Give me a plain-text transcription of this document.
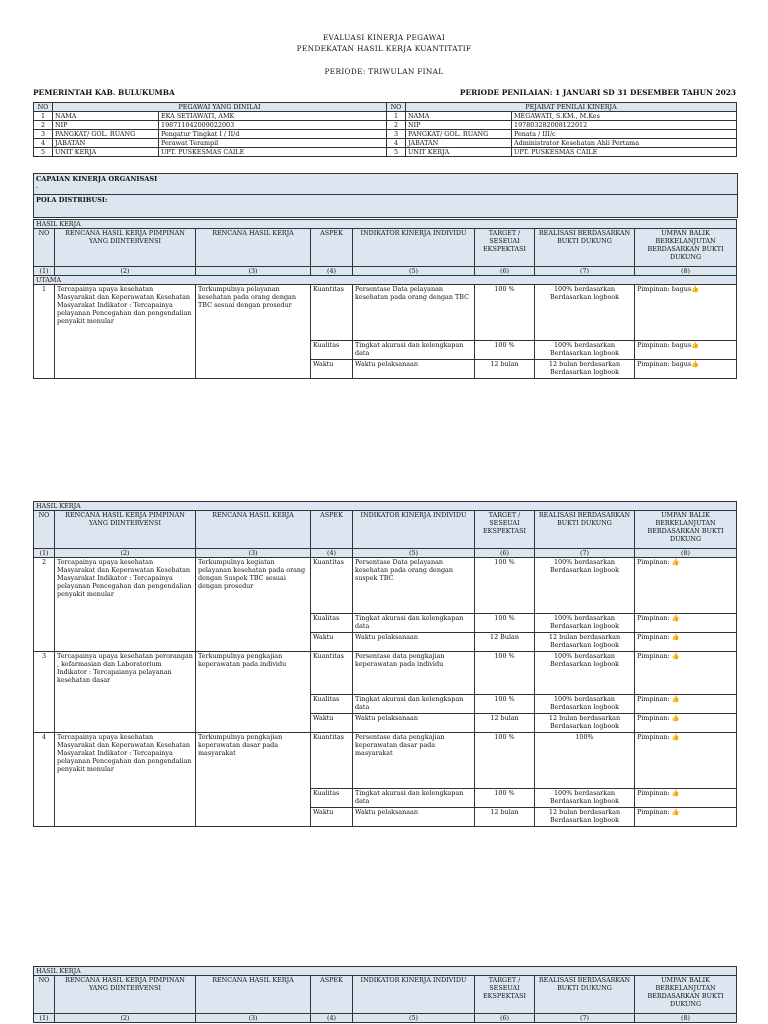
EVALUASI KINERJA PEGAWAI
PENDEKATAN HASIL KERJA KUANTITATIF
PERIODE: TRIWULAN FINAL
PEMERINTAH KAB. BULUKUMBA	PERIODE PENILAIAN: 1 JANUARI SD 31 DESEMBER TAHUN 2023
NO	PEGAWAI YANG DINILAI		NO	PEJABAT PENILAI KINERJA	
1	NAMA	EKA SETIAWATI, AMK	1	NAMA	MEGAWATI, S.KM., M.Kes
2	NIP	198711042009022003	2	NIP	197803282008122012
3	PANGKAT/ GOL. RUANG	Pengatur Tingkat I / II/d	3	PANGKAT/ GOL. RUANG	Penata / III/c
4	JABATAN	Perawat Terampil	4	JABATAN	Administrator Kesehatan Ahli Pertama
5	UNIT KERJA	UPT. PUSKESMAS CAILE	5	UNIT KERJA	UPT. PUSKESMAS CAILE
CAPAIAN KINERJA ORGANISASI
-
POLA DISTRIBUSI:
HASIL KERJA							
NO	RENCANA HASIL KERJA PIMPINAN YANG DIINTERVENSI	RENCANA HASIL KERJA	ASPEK	INDIKATOR KINERJA INDIVIDU	TARGET / SESEUAI EKSPEKTASI	REALISASI BERDASARKAN BUKTI DUKUNG	UMPAN BALIK BERKELANJUTAN BERDASARKAN BUKTI DUKUNG
(1)	(2)	(3)	(4)	(5)	(6)	(7)	(8)
UTAMA							
1	Tercapainya upaya kesehatan Masyarakat dan Keperawatan Kesehatan Masyarakat Indikator : Tercapainya pelayanan Pencegahan dan pengendalian penyakit menular	Terkumpulnya pelayanan kesehatan pada orang dengan TBC sesuai dengan prosedur	Kuantitas	Persentase Data pelayanan kesehatan pada orang dengan TBC	100 %	100% berdasarkan Berdasarkan logbook	Pimpinan: bagus👍
			Kualitas	Tingkat akurasi dan kelengkapan data	100 %	100% berdasarkan Berdasarkan logbook	Pimpinan: bagus👍
			Waktu	Waktu pelaksanaan	12 bulan	12 bulan berdasarkan Berdasarkan logbook	Pimpinan: bagus👍
HASIL KERJA							
NO	RENCANA HASIL KERJA PIMPINAN YANG DIINTERVENSI	RENCANA HASIL KERJA	ASPEK	INDIKATOR KINERJA INDIVIDU	TARGET / SESEUAI EKSPEKTASI	REALISASI BERDASARKAN BUKTI DUKUNG	UMPAN BALIK BERKELANJUTAN BERDASARKAN BUKTI DUKUNG
(1)	(2)	(3)	(4)	(5)	(6)	(7)	(8)
2	Tercapainya upaya kesehatan Masyarakat dan Keperawatan Kesehatan Masyarakat Indikator : Tercapainya pelayanan Pencegahan dan pengendalian penyakit menular	Terkumpulnya kegiatan pelayanan kesehatan pada orang dengan Suspek TBC sesuai dengan prosedur	Kuantitas	Persentase Data pelayanan kesehatan pada orang dengan suspek TBC	100 %	100% berdasarkan Berdasarkan logbook	Pimpinan: 👍
			Kualitas	Tingkat akurasi dan kelengkapan data	100 %	100% berdasarkan Berdasarkan logbook	Pimpinan: 👍
			Waktu	Waktu pelaksanaan	12 Bulan	12 bulan berdasarkan Berdasarkan logbook	Pimpinan: 👍
3	Tercapainya upaya kesehatan perorangan , kefarmasian dan Laboratorium Indikator : Tercapaianya pelayanan kesehatan dasar	Terkumpulnya pengkajian keperawatan pada individu	Kuantitas	Persentase data pengkajian keperawatan pada individu	100 %	100% berdasarkan Berdasarkan logbook	Pimpinan: 👍
			Kualitas	Tingkat akurasi dan kelengkapan data	100 %	100% berdasarkan Berdasarkan logbook	Pimpinan: 👍
			Waktu	Waktu pelaksanaan	12 bulan	12 bulan berdasarkan Berdasarkan logbook	Pimpinan: 👍
4	Tercapainya upaya kesehatan Masyarakat dan Keperawatan Kesehatan Masyarakat Indikator : Tercapainya pelayanan Pencegahan dan pengendalian penyakit menular	Terkumpulnya pengkajian keperawatan dasar pada masyarakat	Kuantitas	Persentase data pengkajian keperawatan dasar pada masyarakat	100 %	100%	Pimpinan: 👍
			Kualitas	Tingkat akurasi dan kelengkapan data	100 %	100% berdasarkan Berdasarkan logbook	Pimpinan: 👍
			Waktu	Waktu pelaksanaan	12 bulan	12 bulan berdasarkan Berdasarkan logbook	Pimpinan: 👍
HASIL KERJA							
NO	RENCANA HASIL KERJA PIMPINAN YANG DIINTERVENSI	RENCANA HASIL KERJA	ASPEK	INDIKATOR KINERJA INDIVIDU	TARGET / SESEUAI EKSPEKTASI	REALISASI BERDASARKAN BUKTI DUKUNG	UMPAN BALIK BERKELANJUTAN BERDASARKAN BUKTI DUKUNG
(1)	(2)	(3)	(4)	(5)	(6)	(7)	(8)
